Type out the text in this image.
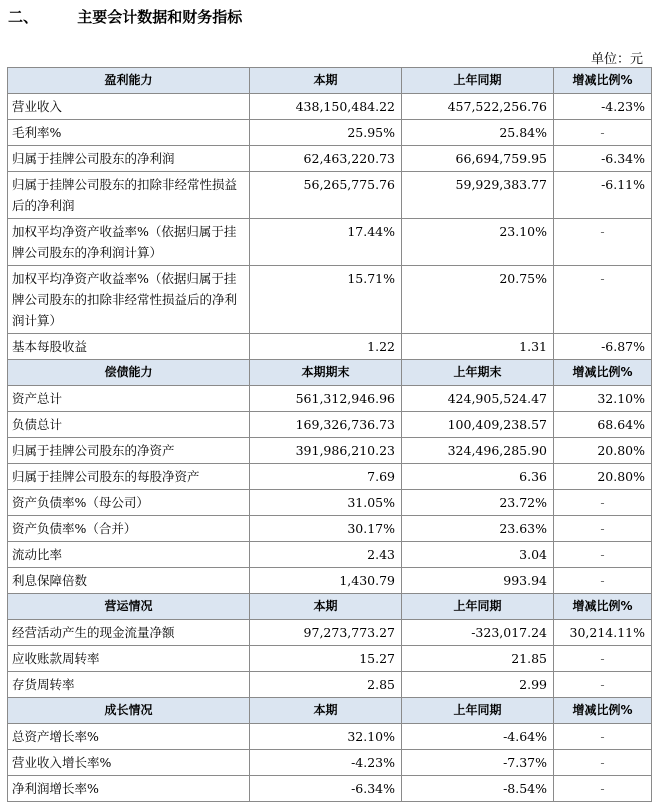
二、	主要会计数据和财务指标
单位：元
盈利能力	本期	上年同期	增减比例%
营业收入	438,150,484.22	457,522,256.76	-4.23%
毛利率%	25.95%	25.84%	-
归属于挂牌公司股东的净利润	62,463,220.73	66,694,759.95	-6.34%
归属于挂牌公司股东的扣除非经常性损益后的净利润	56,265,775.76	59,929,383.77	-6.11%
加权平均净资产收益率%（依据归属于挂牌公司股东的净利润计算）	17.44%	23.10%	-
加权平均净资产收益率%（依据归属于挂牌公司股东的扣除非经常性损益后的净利润计算）	15.71%	20.75%	-
基本每股收益	1.22	1.31	-6.87%
偿债能力	本期期末	上年期末	增减比例%
资产总计	561,312,946.96	424,905,524.47	32.10%
负债总计	169,326,736.73	100,409,238.57	68.64%
归属于挂牌公司股东的净资产	391,986,210.23	324,496,285.90	20.80%
归属于挂牌公司股东的每股净资产	7.69	6.36	20.80%
资产负债率%（母公司）	31.05%	23.72%	-
资产负债率%（合并）	30.17%	23.63%	-
流动比率	2.43	3.04	-
利息保障倍数	1,430.79	993.94	-
营运情况	本期	上年同期	增减比例%
经营活动产生的现金流量净额	97,273,773.27	-323,017.24	30,214.11%
应收账款周转率	15.27	21.85	-
存货周转率	2.85	2.99	-
成长情况	本期	上年同期	增减比例%
总资产增长率%	32.10%	-4.64%	-
营业收入增长率%	-4.23%	-7.37%	-
净利润增长率%	-6.34%	-8.54%	-
